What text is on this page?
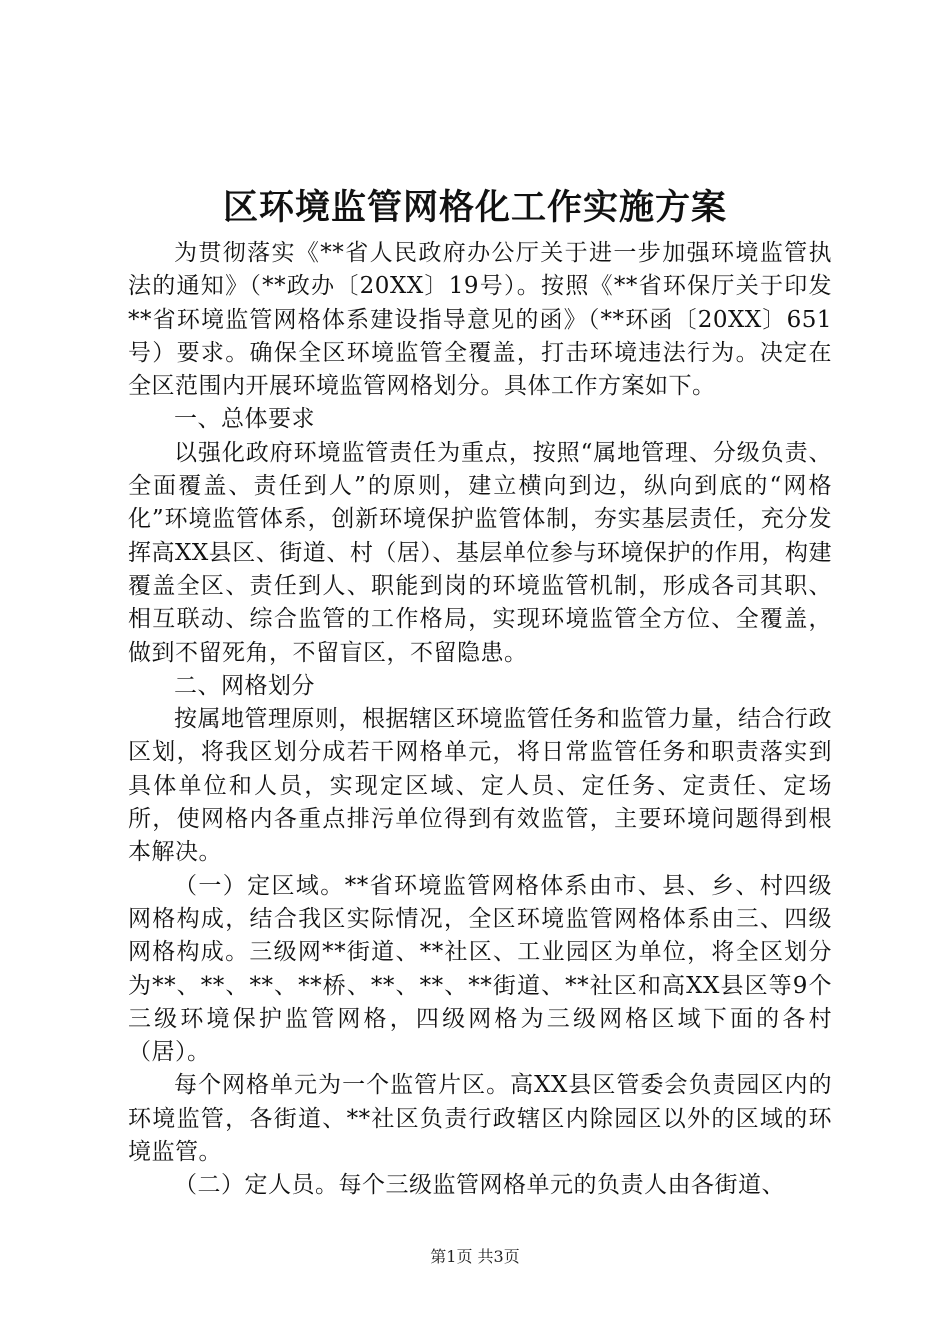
区环境监管网格化工作实施方案

为贯彻落实《**省人民政府办公厅关于进一步加强环境监管执法的通知》（**政办〔20XX〕19号）。按照《**省环保厅关于印发**省环境监管网格体系建设指导意见的函》（**环函〔20XX〕651号）要求。确保全区环境监管全覆盖，打击环境违法行为。决定在全区范围内开展环境监管网格划分。具体工作方案如下。

一、总体要求

以强化政府环境监管责任为重点，按照“属地管理、分级负责、全面覆盖、责任到人”的原则，建立横向到边，纵向到底的“网格化”环境监管体系，创新环境保护监管体制，夯实基层责任，充分发挥高XX县区、街道、村（居）、基层单位参与环境保护的作用，构建覆盖全区、责任到人、职能到岗的环境监管机制，形成各司其职、相互联动、综合监管的工作格局，实现环境监管全方位、全覆盖，做到不留死角，不留盲区，不留隐患。

二、网格划分

按属地管理原则，根据辖区环境监管任务和监管力量，结合行政区划，将我区划分成若干网格单元，将日常监管任务和职责落实到具体单位和人员，实现定区域、定人员、定任务、定责任、定场所，使网格内各重点排污单位得到有效监管，主要环境问题得到根本解决。

（一）定区域。**省环境监管网格体系由市、县、乡、村四级网格构成，结合我区实际情况，全区环境监管网格体系由三、四级网格构成。三级网**街道、**社区、工业园区为单位，将全区划分为**、**、**、**桥、**、**、**街道、**社区和高XX县区等9个三级环境保护监管网格，四级网格为三级网格区域下面的各村（居）。

每个网格单元为一个监管片区。高XX县区管委会负责园区内的环境监管，各街道、**社区负责行政辖区内除园区以外的区域的环境监管。

（二）定人员。每个三级监管网格单元的负责人由各街道、

第1页 共3页
